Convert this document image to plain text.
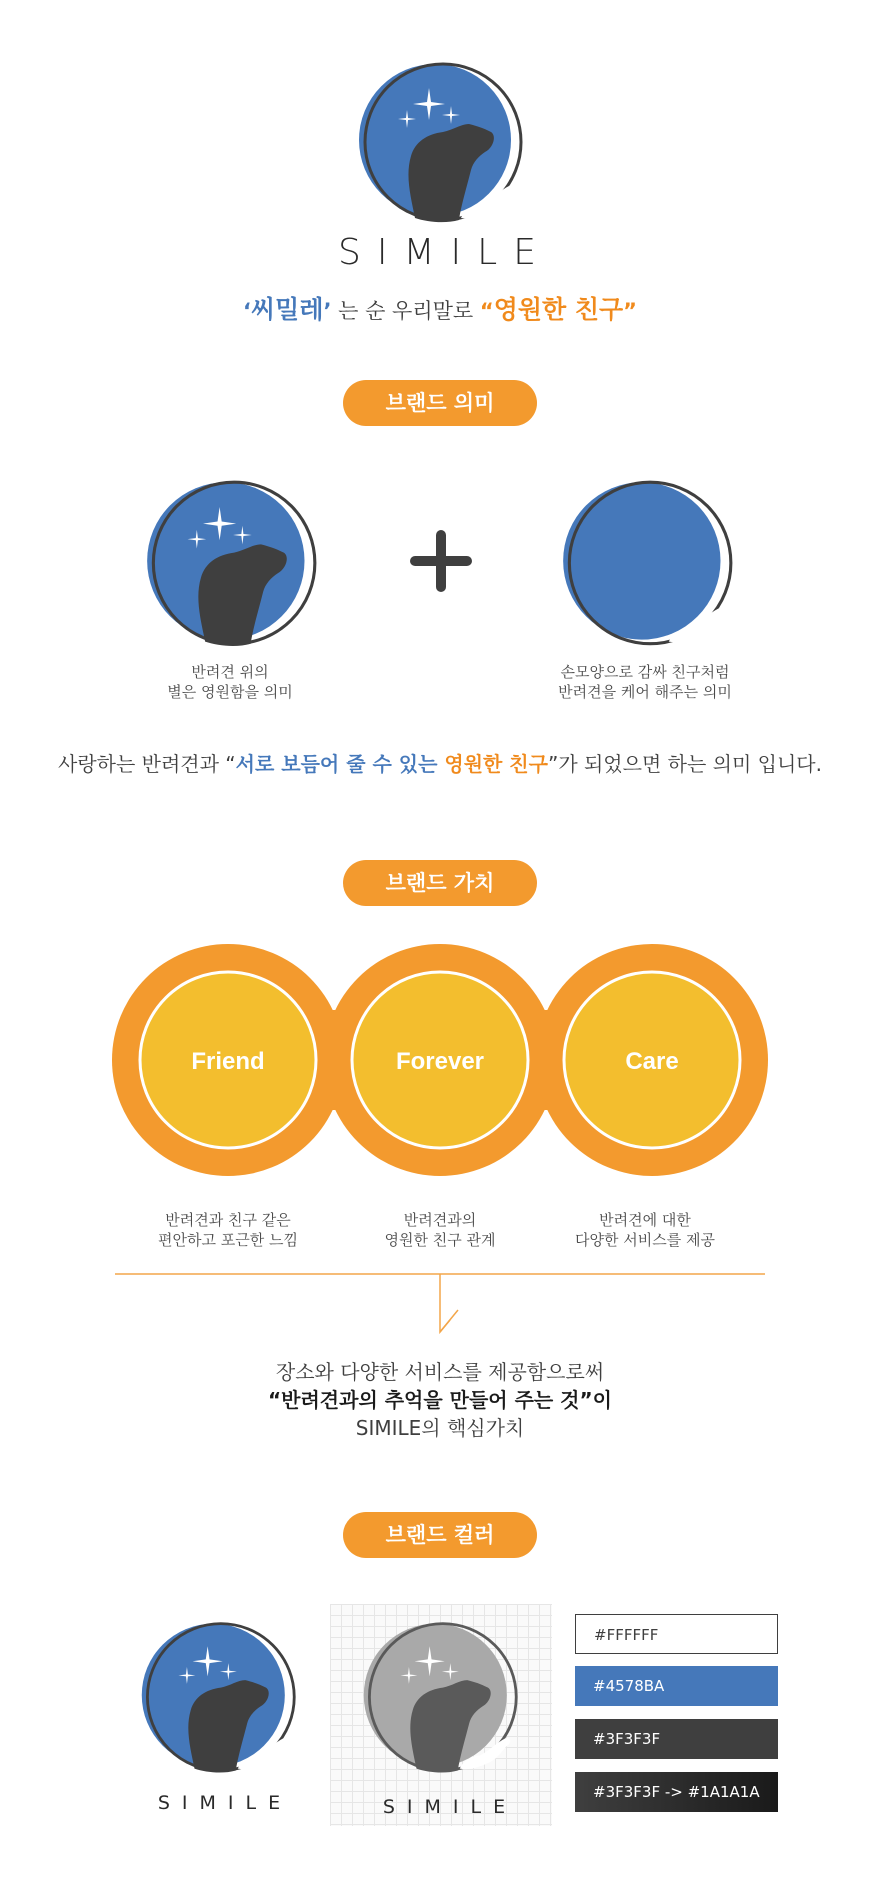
SIMILE
‘씨밀레’ 는 순 우리말로 “영원한 친구”
브랜드 의미
반려견 위의
별은 영원함을 의미
손모양으로 감싸 친구처럼
반려견을 케어 해주는 의미
사랑하는 반려견과 “서로 보듬어 줄 수 있는 영원한 친구”가 되었으면 하는 의미 입니다.
브랜드 가치
Friend	Forever	Care
반려견과 친구 같은
편안하고 포근한 느낌
반려견과의
영원한 친구 관계
반려견에 대한
다양한 서비스를 제공
장소와 다양한 서비스를 제공함으로써
“반려견과의 추억을 만들어 주는 것”이
SIMILE의 핵심가치
브랜드 컬러
SIMILE	SIMILE
#FFFFFF
#4578BA
#3F3F3F
#3F3F3F -> #1A1A1A
